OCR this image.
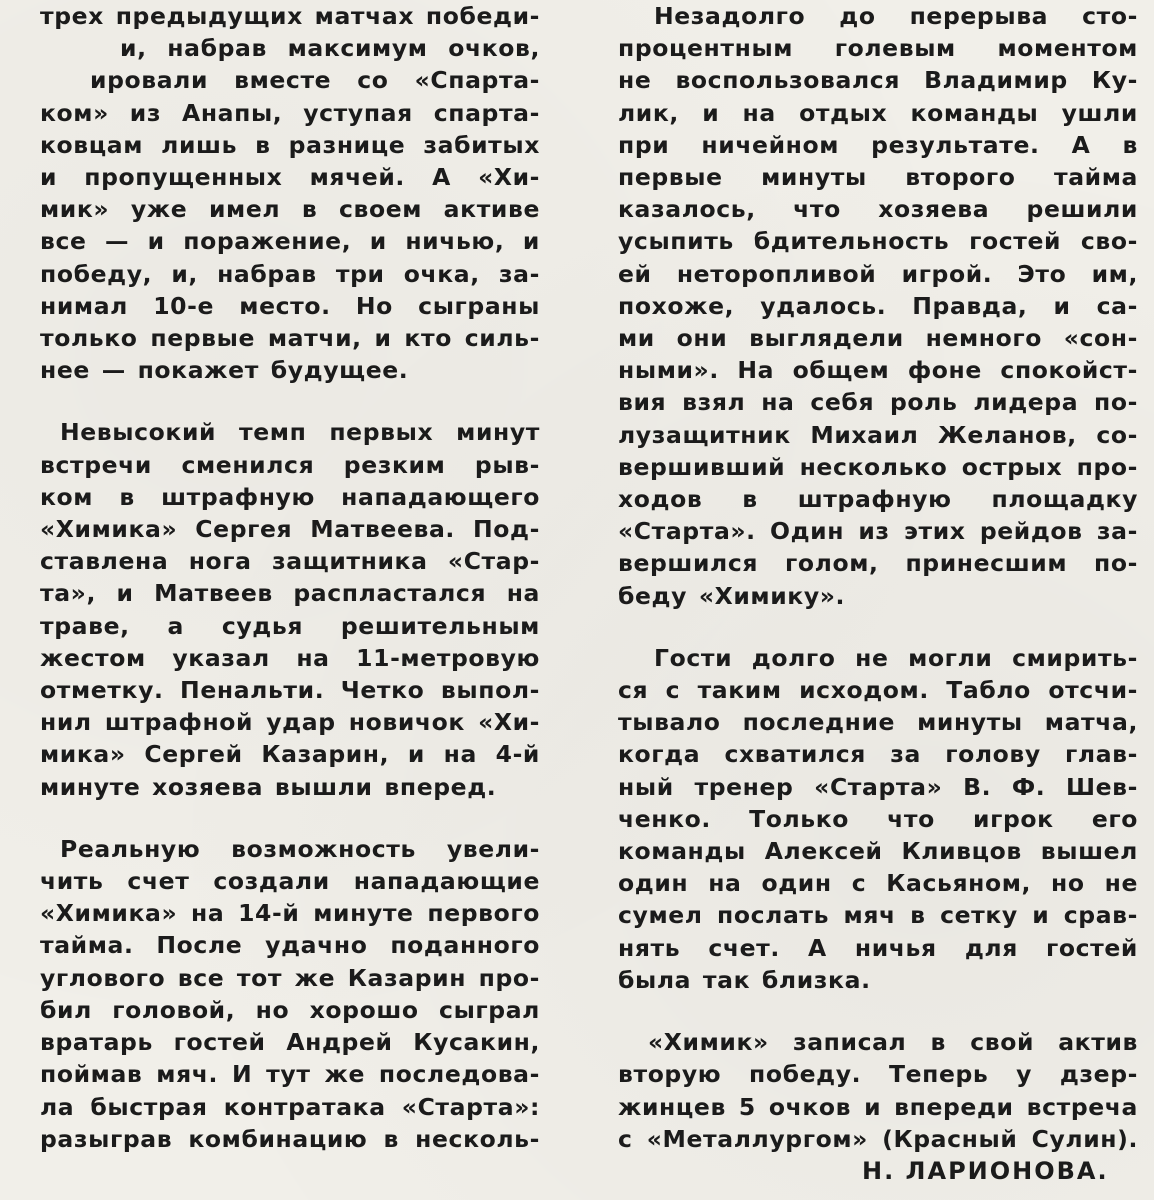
трех предыдущих матчах победи-
и, набрав максимум очков,
ировали вместе со «Спарта-
ком» из Анапы, уступая спарта-
ковцам лишь в разнице забитых
и пропущенных мячей. А «Хи-
мик» уже имел в своем активе
все — и поражение, и ничью, и
победу, и, набрав три очка, за-
нимал 10-е место. Но сыграны
только первые матчи, и кто силь-
нее — покажет будущее.
Невысокий темп первых минут
встречи сменился резким рыв-
ком в штрафную нападающего
«Химика» Сергея Матвеева. Под-
ставлена нога защитника «Стар-
та», и Матвеев распластался на
траве, а судья решительным
жестом указал на 11-метровую
отметку. Пенальти. Четко выпол-
нил штрафной удар новичок «Хи-
мика» Сергей Казарин, и на 4-й
минуте хозяева вышли вперед.
Реальную возможность увели-
чить счет создали нападающие
«Химика» на 14-й минуте первого
тайма. После удачно поданного
углового все тот же Казарин про-
бил головой, но хорошо сыграл
вратарь гостей Андрей Кусакин,
поймав мяч. И тут же последова-
ла быстрая контратака «Старта»:
разыграв комбинацию в несколь-
Незадолго до перерыва сто-
процентным голевым моментом
не воспользовался Владимир Ку-
лик, и на отдых команды ушли
при ничейном результате. А в
первые минуты второго тайма
казалось, что хозяева решили
усыпить бдительность гостей сво-
ей неторопливой игрой. Это им,
похоже, удалось. Правда, и са-
ми они выглядели немного «сон-
ными». На общем фоне спокойст-
вия взял на себя роль лидера по-
лузащитник Михаил Желанов, со-
вершивший несколько острых про-
ходов в штрафную площадку
«Старта». Один из этих рейдов за-
вершился голом, принесшим по-
беду «Химику».
Гости долго не могли смирить-
ся с таким исходом. Табло отсчи-
тывало последние минуты матча,
когда схватился за голову глав-
ный тренер «Старта» В. Ф. Шев-
ченко. Только что игрок его
команды Алексей Кливцов вышел
один на один с Касьяном, но не
сумел послать мяч в сетку и срав-
нять счет. А ничья для гостей
была так близка.
«Химик» записал в свой актив
вторую победу. Теперь у дзер-
жинцев 5 очков и впереди встреча
с «Металлургом» (Красный Сулин).
Н. ЛАРИОНОВА.
